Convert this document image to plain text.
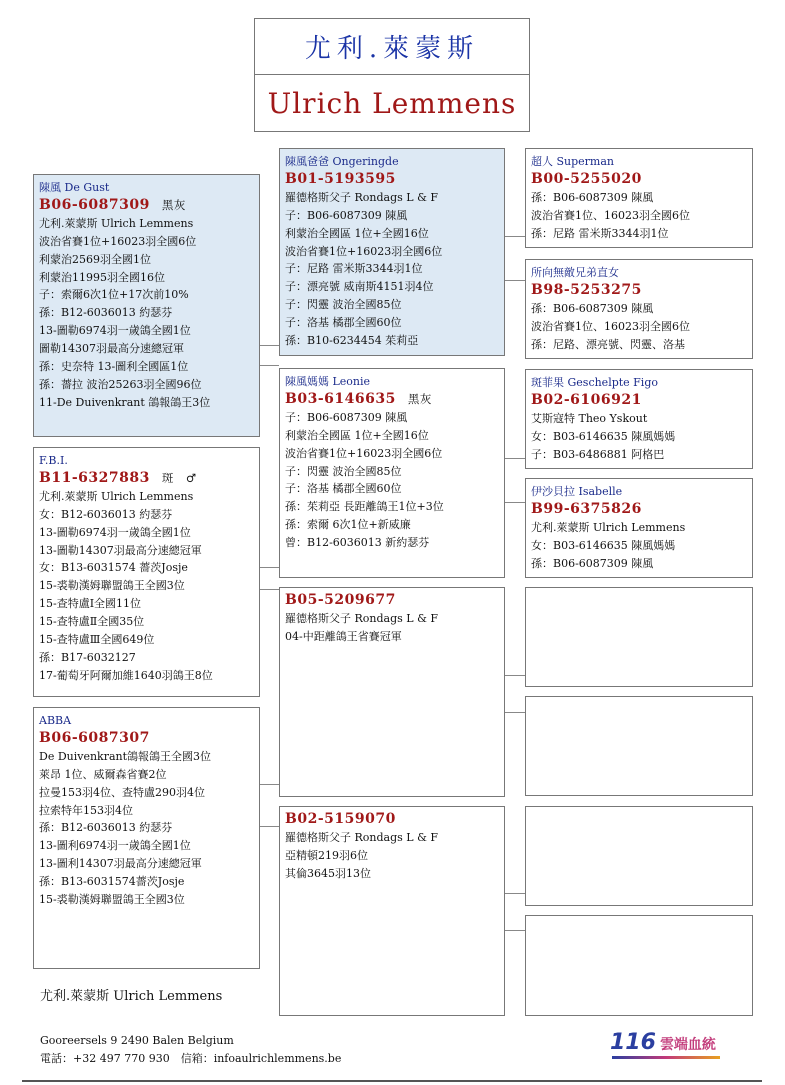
尤利.萊蒙斯
Ulrich Lemmens
陳風 De Gust
B06-6087309 黑灰
尤利.萊蒙斯 Ulrich Lemmens
波治省賽1位+16023羽全國6位
利蒙治2569羽全國1位
利蒙治11995羽全國16位
子：索爾6次1位+17次前10%
孫：B12-6036013 約瑟芬
13-圖勒6974羽一歲鴿全國1位
圖勒14307羽最高分速總冠軍
孫：史奈特 13-圖利全國區1位
孫：薔拉 波治25263羽全國96位
11-De Duivenkrant 鴿報鴿王3位
F.B.I.
B11-6327883 斑　♂
尤利.萊蒙斯 Ulrich Lemmens
女：B12-6036013 約瑟芬
13-圖勒6974羽一歲鴿全國1位
13-圖勒14307羽最高分速總冠軍
女：B13-6031574 薔茨Josje
15-裘勒漢姆聯盟鴿王全國3位
15-查特盧Ⅰ全國11位
15-查特盧Ⅱ全國35位
15-查特盧Ⅲ全國649位
孫：B17-6032127
17-葡萄牙阿爾加維1640羽鴿王8位
ABBA
B06-6087307
De Duivenkrant鴿報鴿王全國3位
萊昂 1位、威爾森省賽2位
拉曼153羽4位、查特盧290羽4位
拉索特年153羽4位
孫：B12-6036013 約瑟芬
13-圖利6974羽一歲鴿全國1位
13-圖利14307羽最高分速總冠軍
孫：B13-6031574薔茨Josje
15-裘勒漢姆聯盟鴿王全國3位
陳風爸爸 Ongeringde
B01-5193595
羅德格斯父子 Rondags L & F
子：B06-6087309 陳風
利蒙治全國區 1位+全國16位
波治省賽1位+16023羽全國6位
子：尼路 雷米斯3344羽1位
子：漂亮號 威南斯4151羽4位
子：閃靈 波治全國85位
子：洛基 橘郡全國60位
孫：B10-6234454 茱莉亞
陳風媽媽 Leonie
B03-6146635 黑灰
子：B06-6087309 陳風
利蒙治全國區 1位+全國16位
波治省賽1位+16023羽全國6位
子：閃靈 波治全國85位
子：洛基 橘郡全國60位
孫：茱莉亞 長距離鴿王1位+3位
孫：索爾 6次1位+新威廉
曾：B12-6036013 新約瑟芬
B05-5209677
羅德格斯父子 Rondags L & F
04-中距離鴿王省賽冠軍
B02-5159070
羅德格斯父子 Rondags L & F
亞精頓219羽6位
其倫3645羽13位
超人 Superman
B00-5255020
孫：B06-6087309 陳風
波治省賽1位、16023羽全國6位
孫：尼路 雷米斯3344羽1位
所向無敵兄弟直女
B98-5253275
孫：B06-6087309 陳風
波治省賽1位、16023羽全國6位
孫：尼路、漂亮號、閃靈、洛基
斑菲果 Geschelpte Figo
B02-6106921
艾斯寇特 Theo Yskout
女：B03-6146635 陳風媽媽
子：B03-6486881 阿格巴
伊沙貝拉 Isabelle
B99-6375826
尤利.萊蒙斯 Ulrich Lemmens
女：B03-6146635 陳風媽媽
孫：B06-6087309 陳風
尤利.萊蒙斯 Ulrich Lemmens
Gooreersels 9 2490 Balen Belgium
電話：+32 497 770 930　信箱：infoaulrichlemmens.be
116 雲端血統
